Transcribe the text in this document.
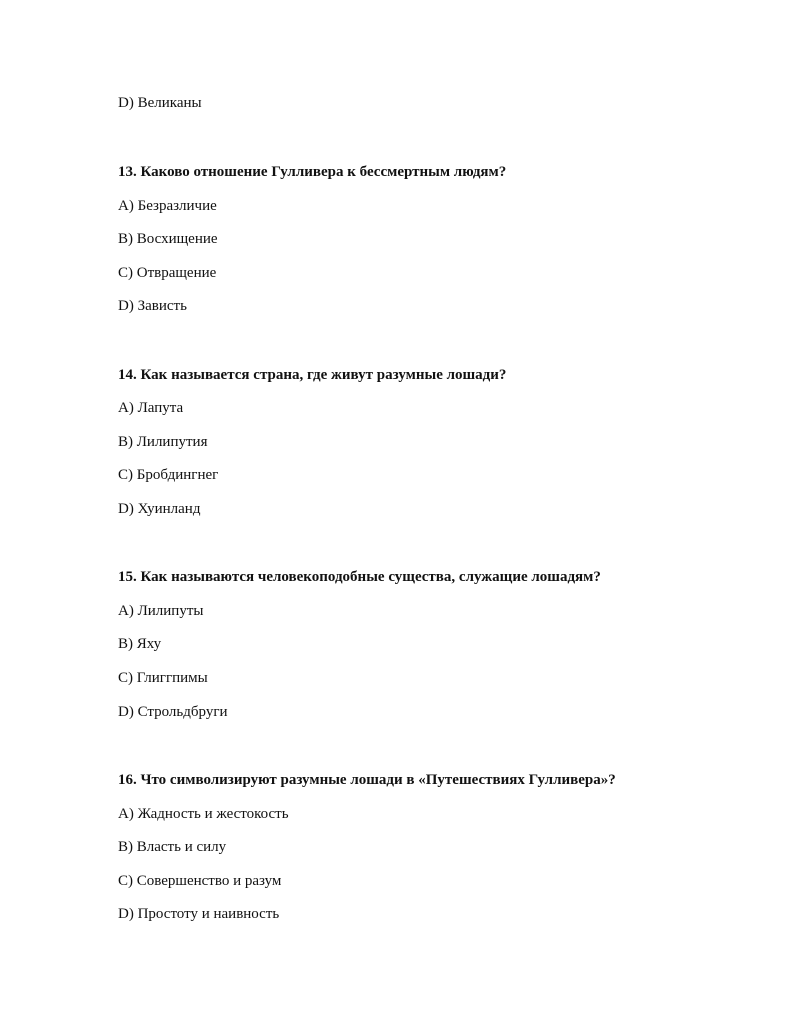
D) Великаны
13. Каково отношение Гулливера к бессмертным людям?
A) Безразличие
B) Восхищение
C) Отвращение
D) Зависть
14. Как называется страна, где живут разумные лошади?
A) Лапута
B) Лилипутия
C) Бробдингнег
D) Хуинланд
15. Как называются человекоподобные существа, служащие лошадям?
A) Лилипуты
B) Яху
C) Глиггпимы
D) Строльдбруги
16. Что символизируют разумные лошади в «Путешествиях Гулливера»?
A) Жадность и жестокость
B) Власть и силу
C) Совершенство и разум
D) Простоту и наивность
